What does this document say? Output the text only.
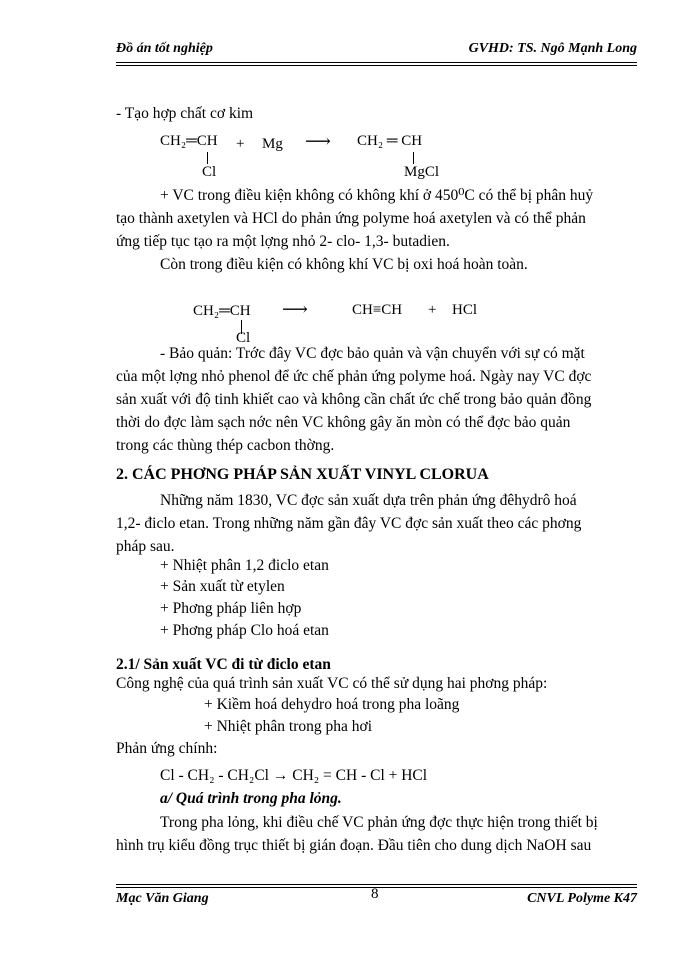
Đồ án tốt nghiệp	GVHD: TS. Ngô Mạnh Long
- Tạo hợp chất cơ kim
CH₂═CH
Cl
+ Mg ⟶ CH₂ ═ CH
MgCl
+ VC trong điều kiện không có không khí ở 450⁰C có thể bị phân huỷ
tạo thành axetylen và HCl do phản ứng polyme hoá axetylen và có thể phản
ứng tiếp tục tạo ra một lợng nhỏ 2- clo- 1,3- butadien.
Còn trong điều kiện có không khí VC bị oxi hoá hoàn toàn.
CH₂═CH
Cl
⟶	CH≡CH + HCl
- Bảo quản: Trớc đây VC đợc bảo quản và vận chuyển với sự có mặt
của một lợng nhỏ phenol để ức chế phản ứng polyme hoá. Ngày nay VC đợc
sản xuất với độ tinh khiết cao và không cần chất ức chế trong bảo quản đồng
thời do đợc làm sạch nớc nên VC không gây ăn mòn có thể đợc bảo quản
trong các thùng thép cacbon thờng.
2. CÁC PHƠNG PHÁP SẢN XUẤT VINYL CLORUA
Những năm 1830, VC đợc sản xuất dựa trên phản ứng đêhydrô hoá
1,2- điclo etan. Trong những năm gần đây VC đợc sản xuất theo các phơng
pháp sau.
+ Nhiệt phân 1,2 điclo etan
+ Sản xuất từ etylen
+ Phơng pháp liên hợp
+ Phơng pháp Clo hoá etan
2.1/ Sản xuất VC đi từ điclo etan
Công nghệ của quá trình sản xuất VC có thể sử dụng hai phơng pháp:
+ Kiềm hoá dehydro hoá trong pha loãng
+ Nhiệt phân trong pha hơi
Phản ứng chính:
Cl - CH₂ - CH₂Cl → CH₂ = CH - Cl + HCl
a/ Quá trình trong pha lỏng.
Trong pha lỏng, khi điều chế VC phản ứng đợc thực hiện trong thiết bị
hình trụ kiểu đồng trục thiết bị gián đoạn. Đầu tiên cho dung dịch NaOH sau
Mạc Văn Giang	8	CNVL Polyme K47
